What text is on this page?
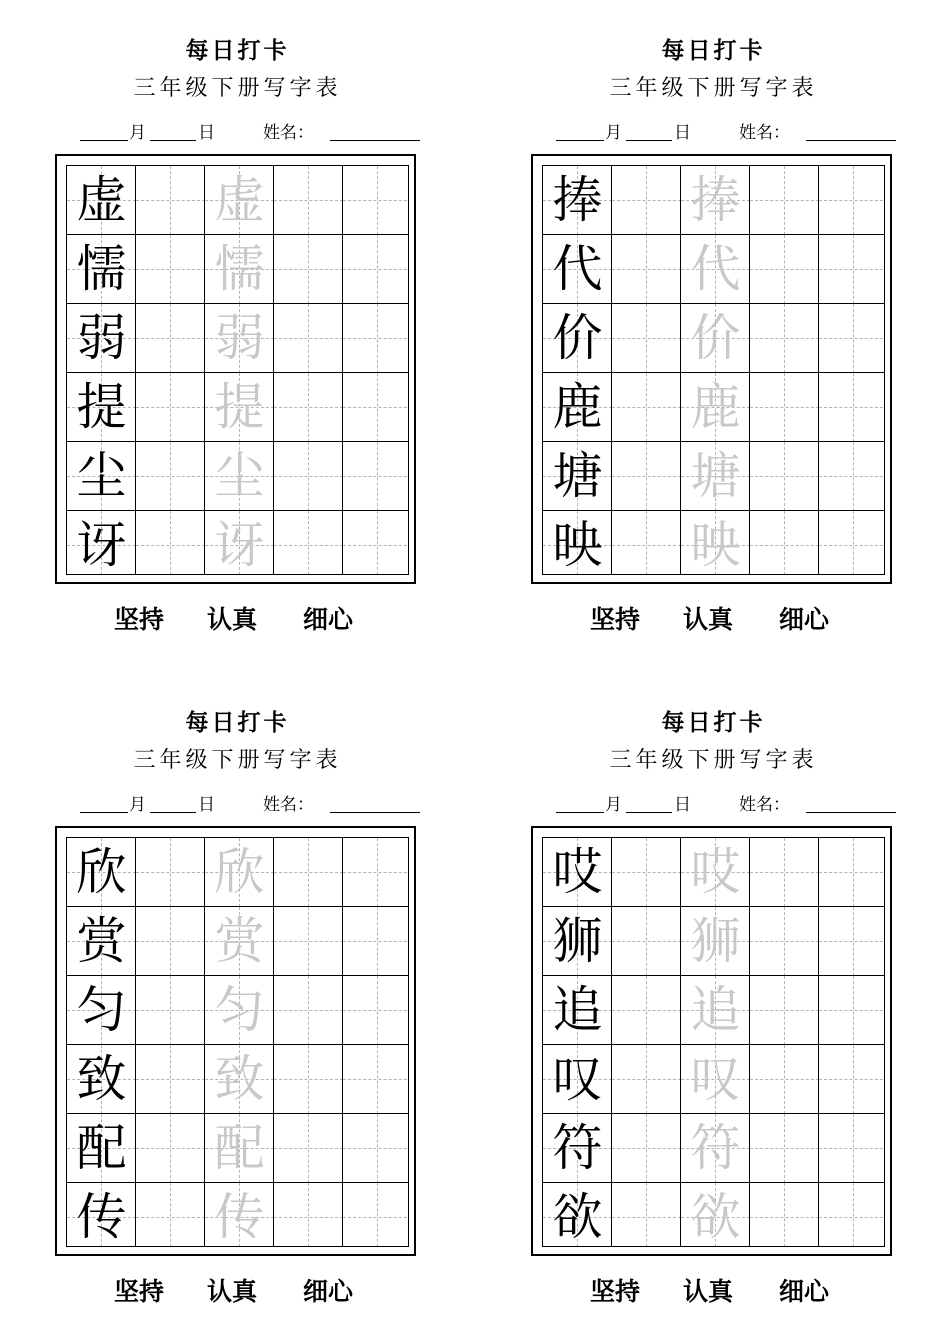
每日打卡
三年级下册写字表
月	日	姓名：
虚 虚
懦 懦
弱 弱
提 提
尘 尘
讶 讶
坚持 认真 细心
每日打卡
三年级下册写字表
月	日	姓名：
捧 捧
代 代
价 价
鹿 鹿
塘 塘
映 映
坚持 认真 细心
每日打卡
三年级下册写字表
月	日	姓名：
欣 欣
赏 赏
匀 匀
致 致
配 配
传 传
坚持 认真 细心
每日打卡
三年级下册写字表
月	日	姓名：
哎 哎
狮 狮
追 追
叹 叹
符 符
欲 欲
坚持 认真 细心
